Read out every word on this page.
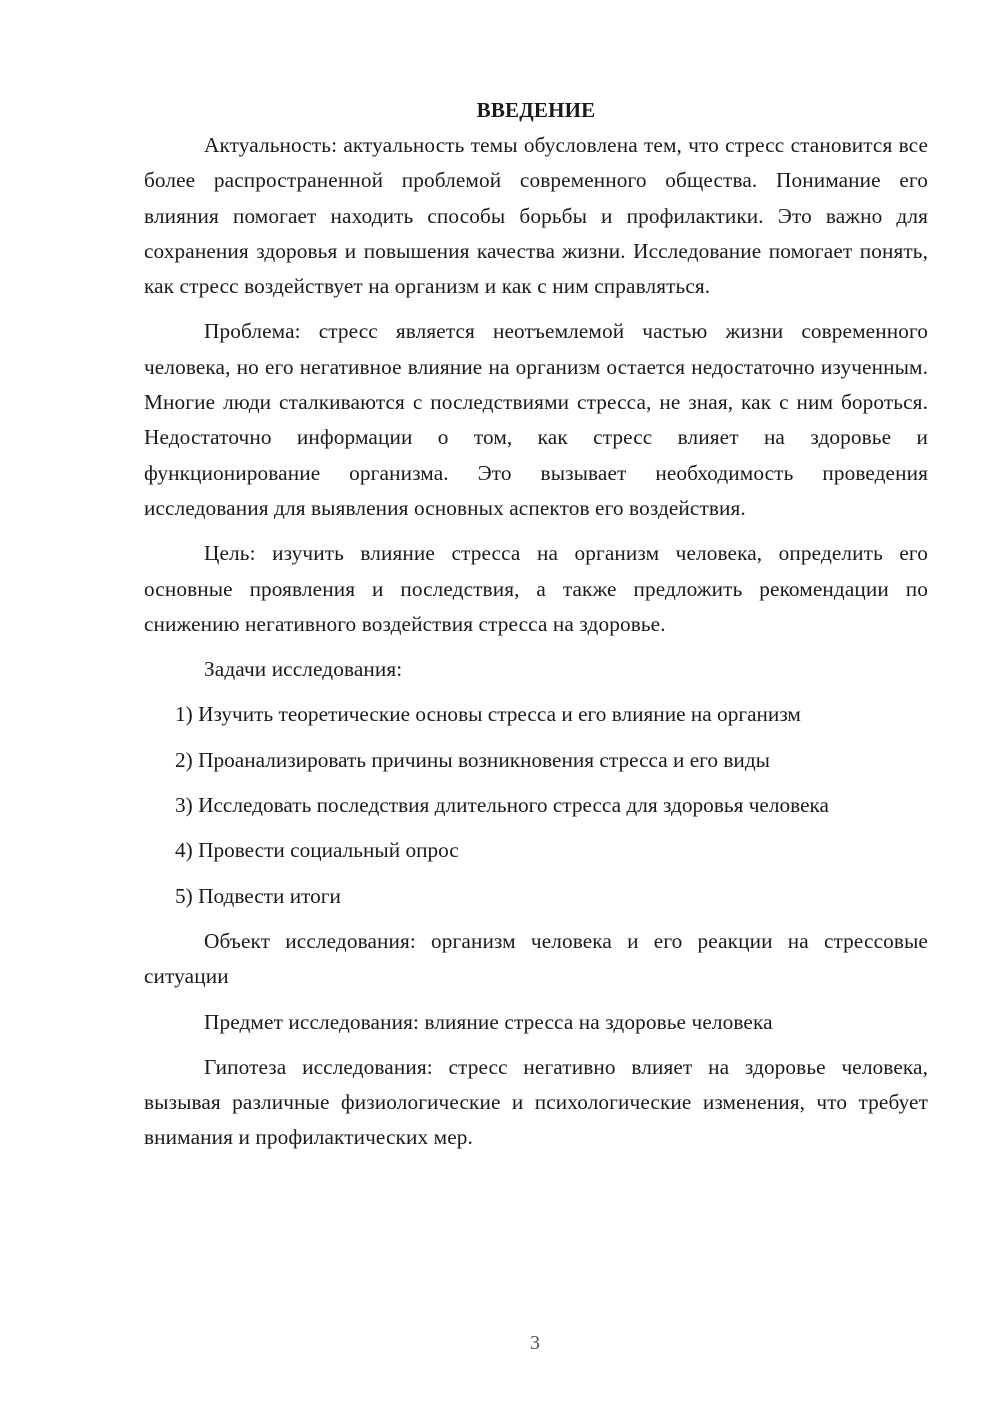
ВВЕДЕНИЕ

Актуальность: актуальность темы обусловлена тем, что стресс становится все более распространенной проблемой современного общества. Понимание его влияния помогает находить способы борьбы и профилактики. Это важно для сохранения здоровья и повышения качества жизни. Исследование помогает понять, как стресс воздействует на организм и как с ним справляться.

Проблема: стресс является неотъемлемой частью жизни современного человека, но его негативное влияние на организм остается недостаточно изученным. Многие люди сталкиваются с последствиями стресса, не зная, как с ним бороться. Недостаточно информации о том, как стресс влияет на здоровье и функционирование организма. Это вызывает необходимость проведения исследования для выявления основных аспектов его воздействия.

Цель: изучить влияние стресса на организм человека, определить его основные проявления и последствия, а также предложить рекомендации по снижению негативного воздействия стресса на здоровье.

Задачи исследования:

1) Изучить теоретические основы стресса и его влияние на организм

2) Проанализировать причины возникновения стресса и его виды

3) Исследовать последствия длительного стресса для здоровья человека

4) Провести социальный опрос

5) Подвести итоги

Объект исследования: организм человека и его реакции на стрессовые ситуации

Предмет исследования: влияние стресса на здоровье человека

Гипотеза исследования: стресс негативно влияет на здоровье человека, вызывая различные физиологические и психологические изменения, что требует внимания и профилактических мер.

3
